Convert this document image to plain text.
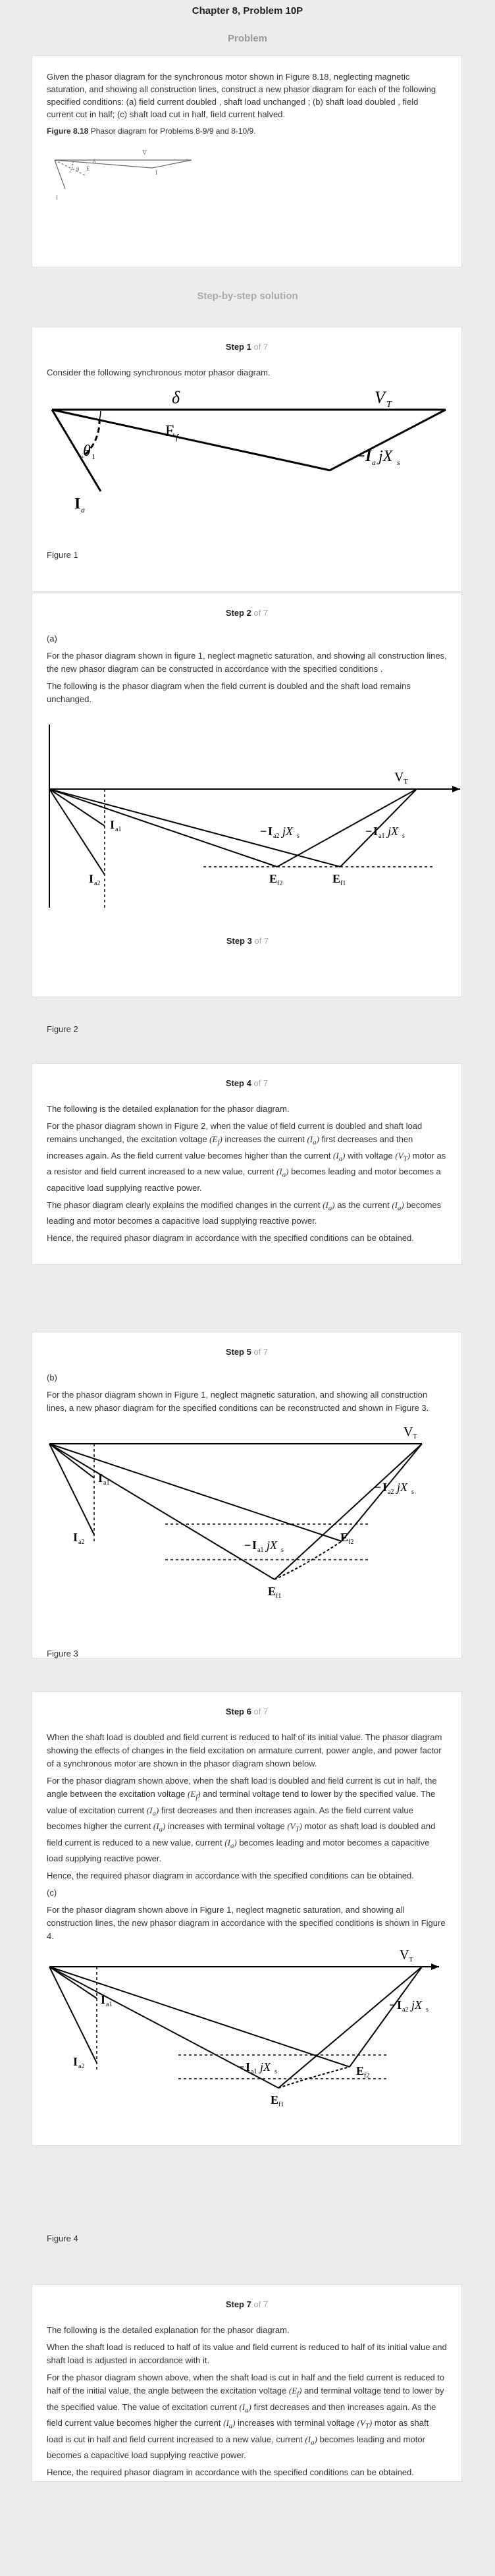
Chapter 8, Problem 10P
Problem

Given the phasor diagram for the synchronous motor shown in Figure 8.18, neglecting magnetic saturation, and showing all construction lines, construct a new phasor diagram for each of the following specified conditions: (a) field current doubled , shaft load unchanged ; (b) shaft load doubled , field current cut in half; (c) shaft load cut in half, field current halved.

Figure 8.18 Phasor diagram for Problems 8-9/9 and 8-10/9.

V
E
δ
θ	I
I
Step-by-step solution
Step 1 of 7

Consider the following synchronous motor phasor diagram.

V T
δ
E f
θ 1	− I a jX s
I a
Figure 1
Step 2 of 7

(a)

For the phasor diagram shown in figure 1, neglect magnetic saturation, and showing all construction lines, the new phasor diagram can be constructed in accordance with the specified conditions .

The following is the phasor diagram when the field current is doubled and the shaft load remains unchanged.

V T
− I a2 jX s	− I a1 jX s
I a1
I a2	E f2	E f1
Step 3 of 7
Figure 2
Step 4 of 7

The following is the detailed explanation for the phasor diagram.

For the phasor diagram shown in Figure 2, when the value of field current is doubled and shaft load remains unchanged, the excitation voltage $(E_f)$ increases the current $(I_a)$ first decreases and then increases again. As the field current value becomes higher than the current $(I_a)$ with voltage $(V_T)$ motor as a resistor and field current increased to a new value, current $(I_a)$ becomes leading and motor becomes a capacitive load supplying reactive power.

The phasor diagram clearly explains the modified changes in the current $(I_a)$ as the current $(I_a)$ becomes leading and motor becomes a capacitive load supplying reactive power.

Hence, the required phasor diagram in accordance with the specified conditions can be obtained.

Step 5 of 7

(b)

For the phasor diagram shown in Figure 1, neglect magnetic saturation, and showing all construction lines, a new phasor diagram for the specified conditions can be reconstructed and shown in Figure 3.

V T
− I a2 jX s
− I a1 jX s
I a1
I a2	E f2
E f1
Figure 3
Step 6 of 7

When the shaft load is doubled and field current is reduced to half of its initial value. The phasor diagram showing the effects of changes in the field excitation on armature current, power angle, and power factor of a synchronous motor are shown in the phasor diagram shown below.

For the phasor diagram shown above, when the shaft load is doubled and field current is cut in half, the angle between the excitation voltage $(E_f)$ and terminal voltage tend to lower by the specified value. The value of excitation current $(I_a)$ first decreases and then increases again. As the field current value becomes higher the current $(I_a)$ increases with terminal voltage $(V_T)$ motor as shaft load is doubled and field current is reduced to a new value, current $(I_a)$ becomes leading and motor becomes a capacitive load supplying reactive power.

Hence, the required phasor diagram in accordance with the specified conditions can be obtained.

(c)

For the phasor diagram shown above in Figure 1, neglect magnetic saturation, and showing all construction lines, the new phasor diagram in accordance with the specified conditions is shown in Figure 4.

V T
− I a2 jX s
− I a1 jX s
I a1
I a2	E f2
E f1
Figure 4
Step 7 of 7

The following is the detailed explanation for the phasor diagram.

When the shaft load is reduced to half of its value and field current is reduced to half of its initial value and shaft load is adjusted in accordance with it.

For the phasor diagram shown above, when the shaft load is cut in half and the field current is reduced to half of the initial value, the angle between the excitation voltage $(E_f)$ and terminal voltage tend to lower by the specified value. The value of excitation current $(I_a)$ first decreases and then increases again. As the field current value becomes higher the current $(I_a)$ increases with terminal voltage $(V_T)$ motor as shaft load is cut in half and field current increased to a new value, current $(I_a)$ becomes leading and motor becomes a capacitive load supplying reactive power.

Hence, the required phasor diagram in accordance with the specified conditions can be obtained.
